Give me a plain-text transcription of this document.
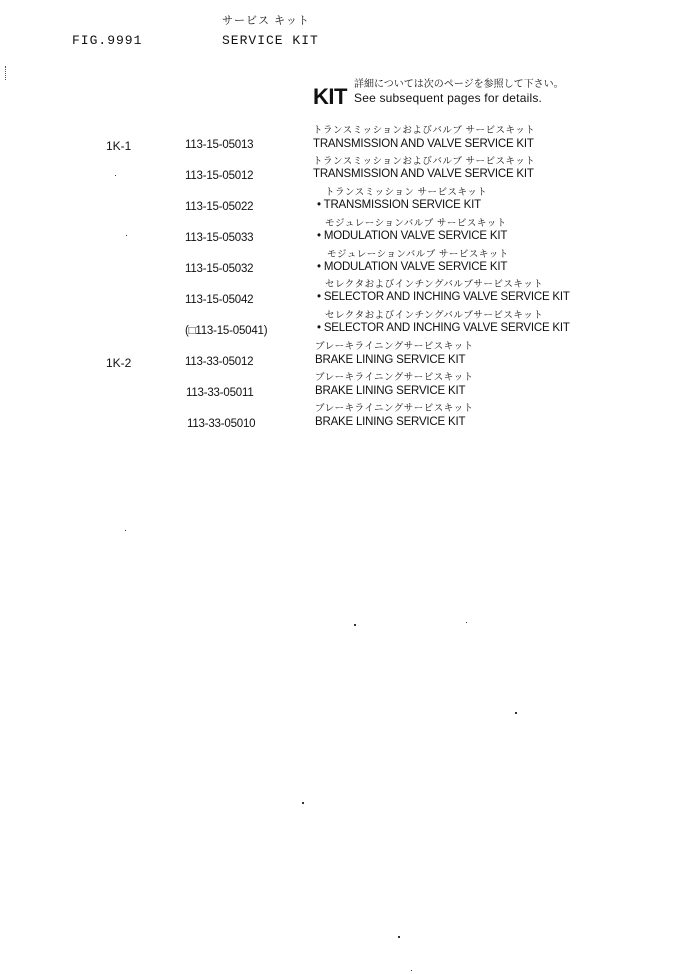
サービス キット
FIG.9991	SERVICE KIT
KIT 詳細については次のページを参照して下さい。
See subsequent pages for details.
トランスミッションおよびバルブ サービスキット
1K-1	113-15-05013	TRANSMISSION AND VALVE SERVICE KIT
トランスミッションおよびバルブ サービスキット
113-15-05012	TRANSMISSION AND VALVE SERVICE KIT
トランスミッション サービスキット
113-15-05022	• TRANSMISSION SERVICE KIT
モジュレーションバルブ サービスキット
113-15-05033	• MODULATION VALVE SERVICE KIT
モジュレーションバルブ サービスキット
113-15-05032	• MODULATION VALVE SERVICE KIT
セレクタおよびインチングバルブサービスキット
113-15-05042	• SELECTOR AND INCHING VALVE SERVICE KIT
セレクタおよびインチングバルブサービスキット
(□113-15-05041)	• SELECTOR AND INCHING VALVE SERVICE KIT
ブレーキライニングサービスキット
1K-2	113-33-05012	BRAKE LINING SERVICE KIT
ブレーキライニングサービスキット
113-33-05011	BRAKE LINING SERVICE KIT
ブレーキライニングサービスキット
113-33-05010	BRAKE LINING SERVICE KIT
